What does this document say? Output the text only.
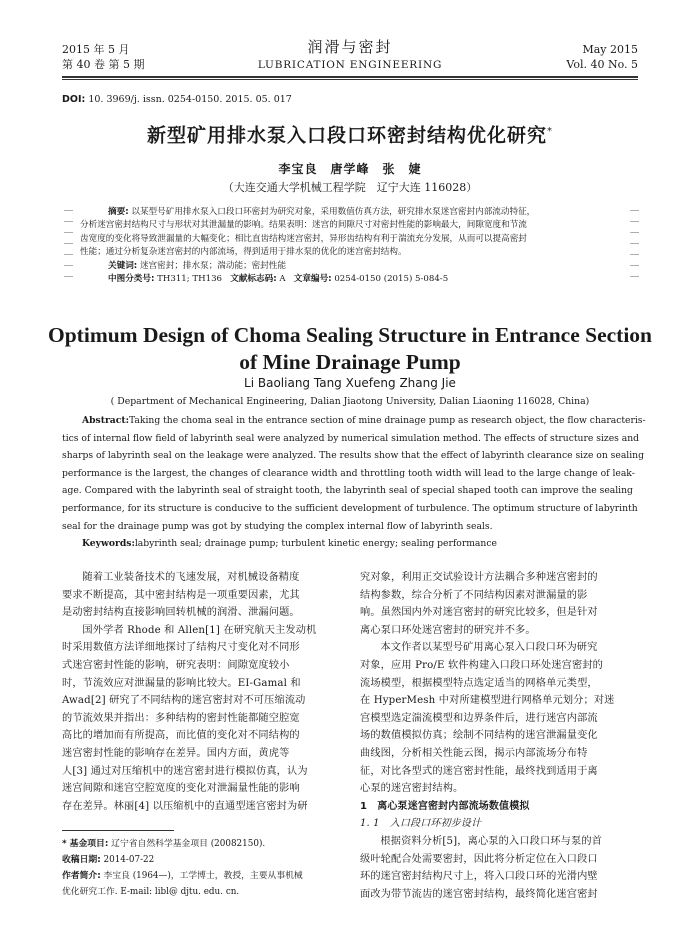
2015 年 5 月
第 40 卷 第 5 期
润滑与密封
LUBRICATION ENGINEERING
May 2015
Vol. 40 No. 5
DOI: 10. 3969/j. issn. 0254-0150. 2015. 05. 017
新型矿用排水泵入口段口环密封结构优化研究*
李宝良　唐学峰　张　婕
（大连交通大学机械工程学院　辽宁大连 116028）
﹏
﹏
﹏
﹏
﹏
﹏
﹏
﹏
﹏
﹏
﹏
﹏
﹏
﹏
摘要: 以某型号矿用排水泵入口段口环密封为研究对象，采用数值仿真方法，研究排水泵迷宫密封内部流动特征，
分析迷宫密封结构尺寸与形状对其泄漏量的影响。结果表明：迷宫的间隙尺寸对密封性能的影响最大，间隙宽度和节流
齿宽度的变化将导致泄漏量的大幅变化；相比直齿结构迷宫密封，异形齿结构有利于湍流充分发展，从而可以提高密封
性能；通过分析复杂迷宫密封的内部流场，得到适用于排水泵的优化的迷宫密封结构。
关键词: 迷宫密封；排水泵；湍动能；密封性能
中图分类号: TH311; TH136 文献标志码: A 文章编号: 0254-0150 (2015) 5-084-5
Optimum Design of Choma Sealing Structure in Entrance Section
of Mine Drainage Pump
Li Baoliang Tang Xuefeng Zhang Jie
( Department of Mechanical Engineering, Dalian Jiaotong University, Dalian Liaoning 116028, China)
Abstract:Taking the choma seal in the entrance section of mine drainage pump as research object, the flow characteris-
tics of internal flow field of labyrinth seal were analyzed by numerical simulation method. The effects of structure sizes and
sharps of labyrinth seal on the leakage were analyzed. The results show that the effect of labyrinth clearance size on sealing
performance is the largest, the changes of clearance width and throttling tooth width will lead to the large change of leak-
age. Compared with the labyrinth seal of straight tooth, the labyrinth seal of special shaped tooth can improve the sealing
performance, for its structure is conducive to the sufficient development of turbulence. The optimum structure of labyrinth
seal for the drainage pump was got by studying the complex internal flow of labyrinth seals.
Keywords:labyrinth seal; drainage pump; turbulent kinetic energy; sealing performance

随着工业装备技术的飞速发展，对机械设备精度

要求不断提高，其中密封结构是一项重要因素，尤其

是动密封结构直接影响回转机械的润滑、泄漏问题。

国外学者 Rhode 和 Allen[1] 在研究航天主发动机

时采用数值方法详细地探讨了结构尺寸变化对不同形

式迷宫密封性能的影响，研究表明：间隙宽度较小

时，节流效应对泄漏量的影响比较大。EI-Gamal 和

Awad[2] 研究了不同结构的迷宫密封对不可压缩流动

的节流效果并指出：多种结构的密封性能都随空腔宽

高比的增加而有所提高，而比值的变化对不同结构的

迷宫密封性能的影响存在差异。国内方面，黄虎等

人[3] 通过对压缩机中的迷宫密封进行模拟仿真，认为

迷宫间隙和迷宫空腔宽度的变化对泄漏量性能的影响

存在差异。林丽[4] 以压缩机中的直通型迷宫密封为研

* 基金项目: 辽宁省自然科学基金项目 (20082150).
收稿日期: 2014-07-22
作者简介: 李宝良 (1964—)，工学博士，教授，主要从事机械
优化研究工作. E-mail: libl@ djtu. edu. cn.

究对象，利用正交试验设计方法耦合多种迷宫密封的

结构参数，综合分析了不同结构因素对泄漏量的影

响。虽然国内外对迷宫密封的研究比较多，但是针对

离心泵口环处迷宫密封的研究并不多。

本文作者以某型号矿用离心泵入口段口环为研究

对象，应用 Pro/E 软件构建入口段口环处迷宫密封的

流场模型，根据模型特点选定适当的网格单元类型，

在 HyperMesh 中对所建模型进行网格单元划分；对迷

宫模型选定湍流模型和边界条件后，进行迷宫内部流

场的数值模拟仿真；绘制不同结构的迷宫泄漏量变化

曲线图，分析相关性能云图，揭示内部流场分布特

征，对比各型式的迷宫密封性能，最终找到适用于离

心泵的迷宫密封结构。

1　离心泵迷宫密封内部流场数值模拟

1. 1　入口段口环初步设计

根据资料分析[5]，离心泵的入口段口环与泵的首

级叶轮配合处需要密封，因此将分析定位在入口段口

环的迷宫密封结构尺寸上，将入口段口环的光滑内壁

面改为带节流齿的迷宫密封结构，最终简化迷宫密封
